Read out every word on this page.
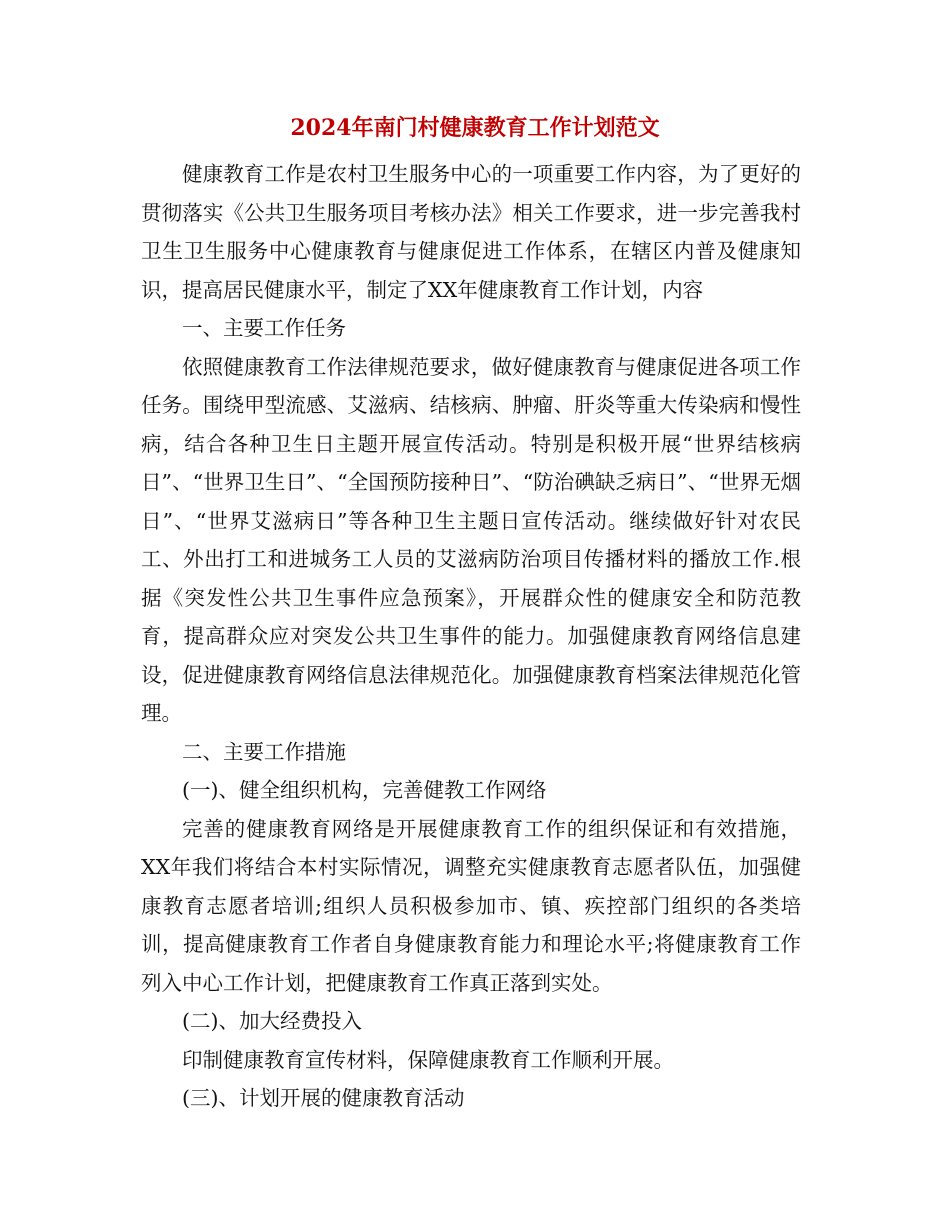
2024年南门村健康教育工作计划范文

健康教育工作是农村卫生服务中心的一项重要工作内容，为了更好的贯彻落实《公共卫生服务项目考核办法》相关工作要求，进一步完善我村卫生卫生服务中心健康教育与健康促进工作体系，在辖区内普及健康知识，提高居民健康水平，制定了XX年健康教育工作计划，内容

一、主要工作任务

依照健康教育工作法律规范要求，做好健康教育与健康促进各项工作任务。围绕甲型流感、艾滋病、结核病、肿瘤、肝炎等重大传染病和慢性病，结合各种卫生日主题开展宣传活动。特别是积极开展“世界结核病日”、“世界卫生日”、“全国预防接种日”、“防治碘缺乏病日”、“世界无烟日”、“世界艾滋病日”等各种卫生主题日宣传活动。继续做好针对农民工、外出打工和进城务工人员的艾滋病防治项目传播材料的播放工作.根据《突发性公共卫生事件应急预案》，开展群众性的健康安全和防范教育，提高群众应对突发公共卫生事件的能力。加强健康教育网络信息建设，促进健康教育网络信息法律规范化。加强健康教育档案法律规范化管理。

二、主要工作措施

(一)、健全组织机构，完善健教工作网络

完善的健康教育网络是开展健康教育工作的组织保证和有效措施，XX年我们将结合本村实际情况，调整充实健康教育志愿者队伍，加强健康教育志愿者培训;组织人员积极参加市、镇、疾控部门组织的各类培训，提高健康教育工作者自身健康教育能力和理论水平;将健康教育工作列入中心工作计划，把健康教育工作真正落到实处。

(二)、加大经费投入

印制健康教育宣传材料，保障健康教育工作顺利开展。

(三)、计划开展的健康教育活动
